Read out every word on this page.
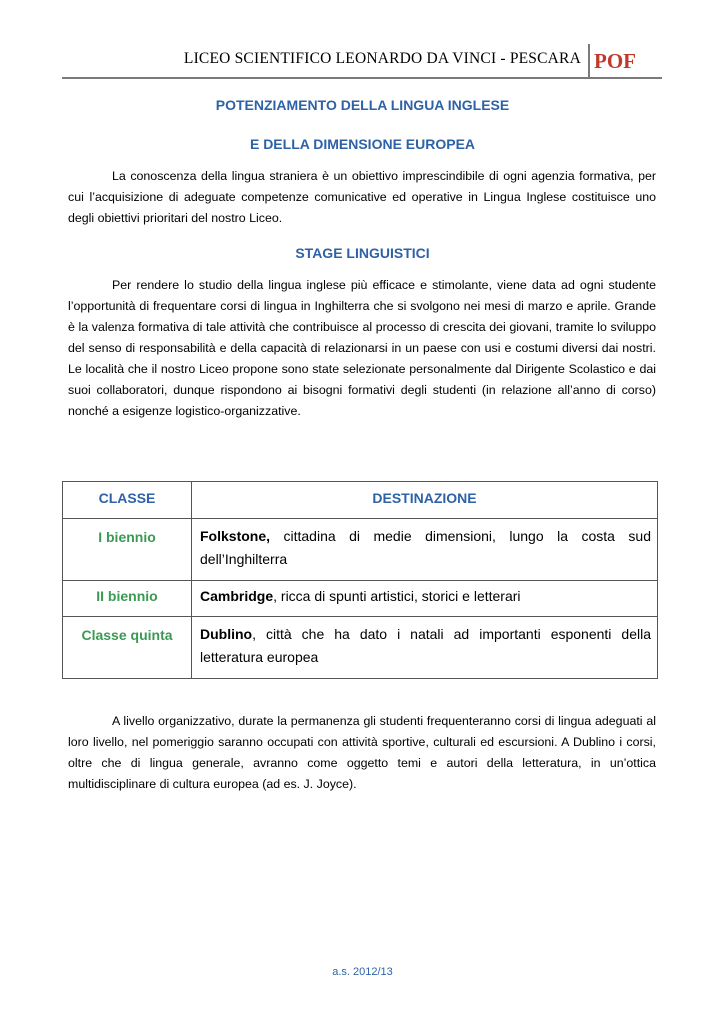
LICEO SCIENTIFICO LEONARDO DA VINCI - PESCARA POF
POTENZIAMENTO DELLA LINGUA INGLESE
E DELLA DIMENSIONE EUROPEA
La conoscenza della lingua straniera è un obiettivo imprescindibile di ogni agenzia formativa, per cui l’acquisizione di adeguate competenze comunicative ed operative in Lingua Inglese costituisce uno degli obiettivi prioritari del nostro Liceo.
STAGE LINGUISTICI
Per rendere lo studio della lingua inglese più efficace e stimolante, viene data ad ogni studente l’opportunità di frequentare corsi di lingua in Inghilterra che si svolgono nei mesi di marzo e aprile. Grande è la valenza formativa di tale attività che contribuisce al processo di crescita dei giovani, tramite lo sviluppo del senso di responsabilità e della capacità di relazionarsi in un paese con usi e costumi diversi dai nostri. Le località che il nostro Liceo propone sono state selezionate personalmente dal Dirigente Scolastico e dai suoi collaboratori, dunque rispondono ai bisogni formativi degli studenti (in relazione all’anno di corso) nonché a esigenze logistico-organizzative.
CLASSE	DESTINAZIONE
I biennio	Folkstone, cittadina di medie dimensioni, lungo la costa sud dell’Inghilterra
II biennio	Cambridge, ricca di spunti artistici, storici e letterari
Classe quinta	Dublino, città che ha dato i natali ad importanti esponenti della letteratura europea
A livello organizzativo, durate la permanenza gli studenti frequenteranno corsi di lingua adeguati al loro livello, nel pomeriggio saranno occupati con attività sportive, culturali ed escursioni. A Dublino i corsi, oltre che di lingua generale, avranno come oggetto temi e autori della letteratura, in un’ottica multidisciplinare di cultura europea (ad es. J. Joyce).
a.s. 2012/13
